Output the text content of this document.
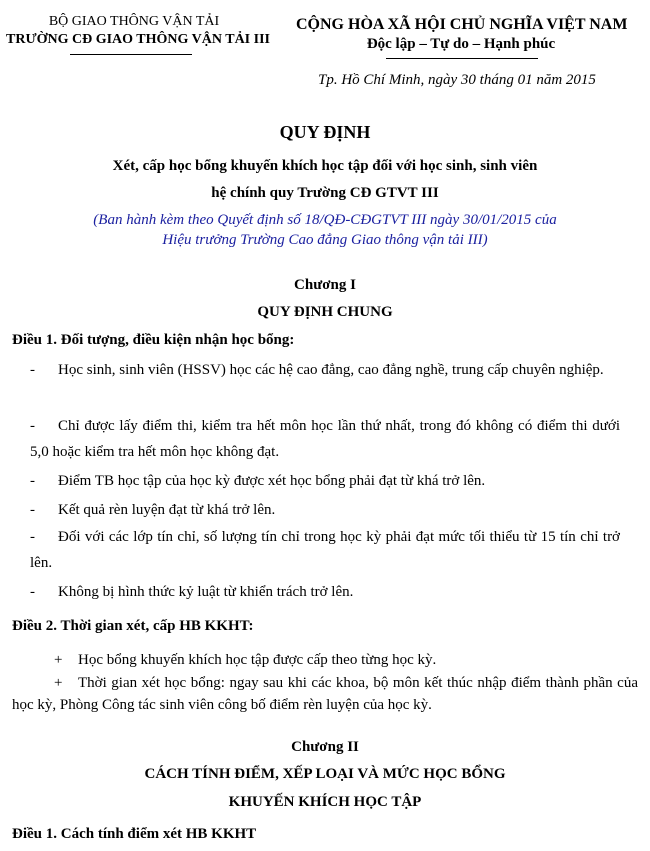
BỘ GIAO THÔNG VẬN TẢI
TRƯỜNG CĐ GIAO THÔNG VẬN TẢI III
CỘNG HÒA XÃ HỘI CHỦ NGHĨA VIỆT NAM
Độc lập – Tự do – Hạnh phúc
Tp. Hồ Chí Minh, ngày 30 tháng 01 năm 2015
QUY ĐỊNH
Xét, cấp học bổng khuyến khích học tập đối với học sinh, sinh viên
hệ chính quy Trường CĐ GTVT III
(Ban hành kèm theo Quyết định số 18/QĐ-CĐGTVT III ngày 30/01/2015 của
Hiệu trưởng Trường Cao đẳng Giao thông vận tải III)
Chương I
QUY ĐỊNH CHUNG
Điều 1. Đối tượng, điều kiện nhận học bổng:
- Học sinh, sinh viên (HSSV) học các hệ cao đẳng, cao đẳng nghề, trung cấp chuyên nghiệp.
- Chỉ được lấy điểm thi, kiểm tra hết môn học lần thứ nhất, trong đó không có điểm thi dưới 5,0 hoặc kiểm tra hết môn học không đạt.
- Điểm TB học tập của học kỳ được xét học bổng phải đạt từ khá trở lên.
- Kết quả rèn luyện đạt từ khá trở lên.
- Đối với các lớp tín chỉ, số lượng tín chỉ trong học kỳ phải đạt mức tối thiểu từ 15 tín chỉ trở lên.
- Không bị hình thức kỷ luật từ khiển trách trở lên.
Điều 2. Thời gian xét, cấp HB KKHT:
+ Học bổng khuyến khích học tập được cấp theo từng học kỳ.
+ Thời gian xét học bổng: ngay sau khi các khoa, bộ môn kết thúc nhập điểm thành phần của học kỳ, Phòng Công tác sinh viên công bố điểm rèn luyện của học kỳ.
Chương II
CÁCH TÍNH ĐIỂM, XẾP LOẠI VÀ MỨC HỌC BỔNG
KHUYẾN KHÍCH HỌC TẬP
Điều 1. Cách tính điểm xét HB KKHT
